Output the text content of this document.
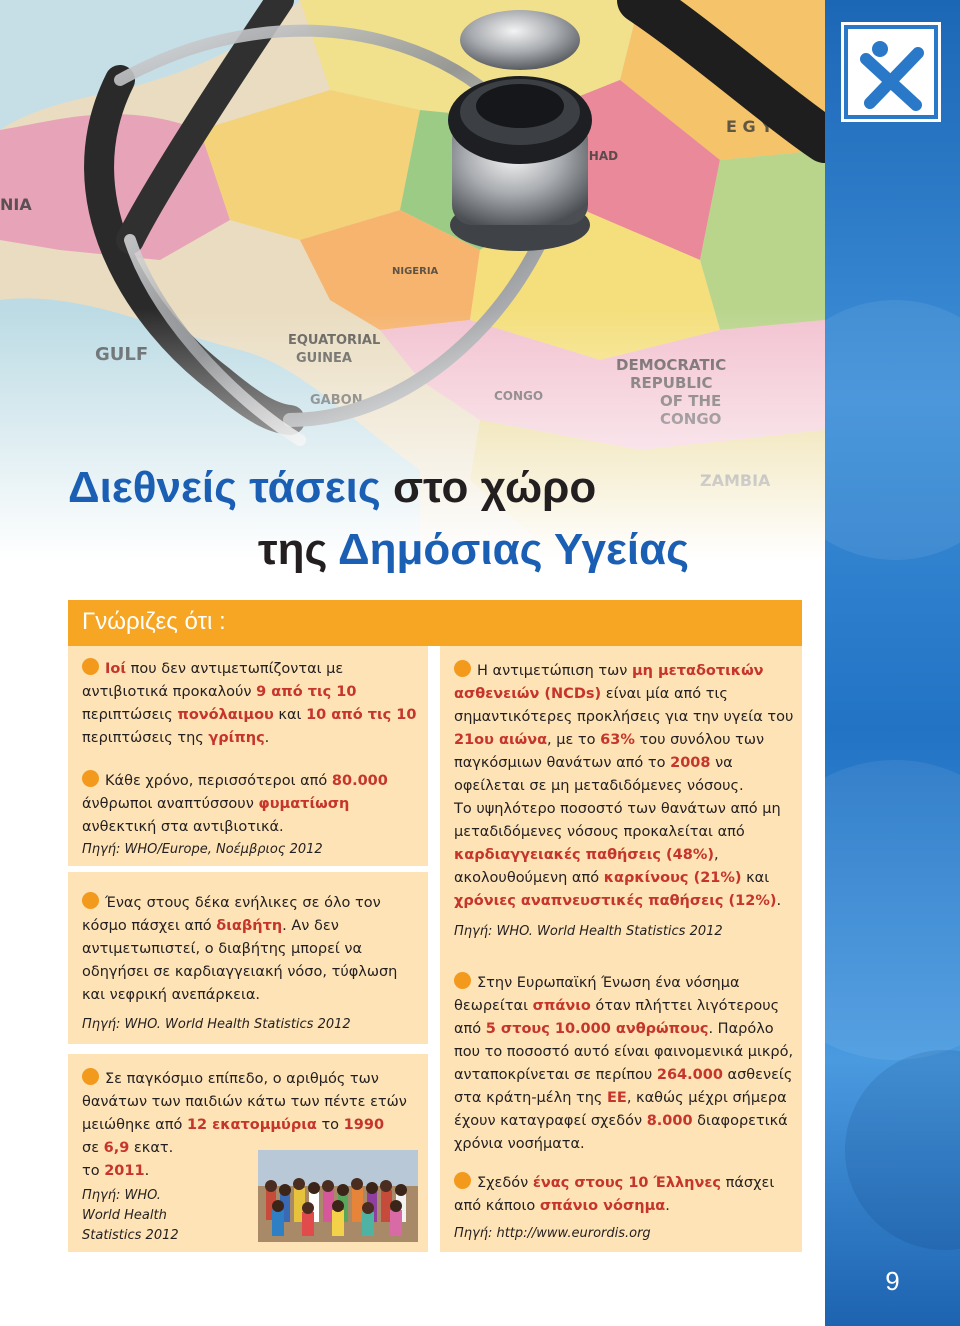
9
Διεθνείς τάσεις στο χώρο
της Δημόσιας Υγείας
Γνώριζες ότι :
Ιοί που δεν αντιμετωπίζονται με αντιβιοτικά προκαλούν 9 από τις 10 περιπτώσεις πονόλαιμου και 10 από τις 10 περιπτώσεις της γρίπης.
Κάθε χρόνο, περισσότεροι από 80.000 άνθρωποι αναπτύσσουν φυματίωση ανθεκτική στα αντιβιοτικά.
Πηγή: WHO/Europe, Νοέμβριος 2012
Ένας στους δέκα ενήλικες σε όλο τον κόσμο πάσχει από διαβήτη. Αν δεν αντιμετωπιστεί, ο διαβήτης μπορεί να οδηγήσει σε καρδιαγγειακή νόσο, τύφλωση και νεφρική ανεπάρκεια.
Πηγή: WHO. World Health Statistics 2012
Σε παγκόσμιο επίπεδο, ο αριθμός των θανάτων των παιδιών κάτω των πέντε ετών μειώθηκε από 12 εκατομμύρια το 1990
σε 6,9 εκατ.
το 2011.
Πηγή: WHO.
World Health
Statistics 2012
Η αντιμετώπιση των μη μεταδοτικών ασθενειών (NCDs) είναι μία από τις σημαντικότερες προκλήσεις για την υγεία του 21ου αιώνα, με το 63% του συνόλου των παγκόσμιων θανάτων από το 2008 να οφείλεται σε μη μεταδιδόμενες νόσους.
Το υψηλότερο ποσοστό των θανάτων από μη μεταδιδόμενες νόσους προκαλείται από καρδιαγγειακές παθήσεις (48%), ακολουθούμενη από καρκίνους (21%) και χρόνιες αναπνευστικές παθήσεις (12%).
Πηγή: WHO. World Health Statistics 2012
Στην Ευρωπαϊκή Ένωση ένα νόσημα θεωρείται σπάνιο όταν πλήττει λιγότερους από 5 στους 10.000 ανθρώπους. Παρόλο που το ποσοστό αυτό είναι φαινομενικά μικρό, ανταποκρίνεται σε περίπου 264.000 ασθενείς στα κράτη-μέλη της ΕΕ, καθώς μέχρι σήμερα έχουν καταγραφεί σχεδόν 8.000 διαφορετικά χρόνια νοσήματα.
Σχεδόν ένας στους 10 Έλληνες πάσχει από κάποιο σπάνιο νόσημα.
Πηγή: http://www.eurordis.org
